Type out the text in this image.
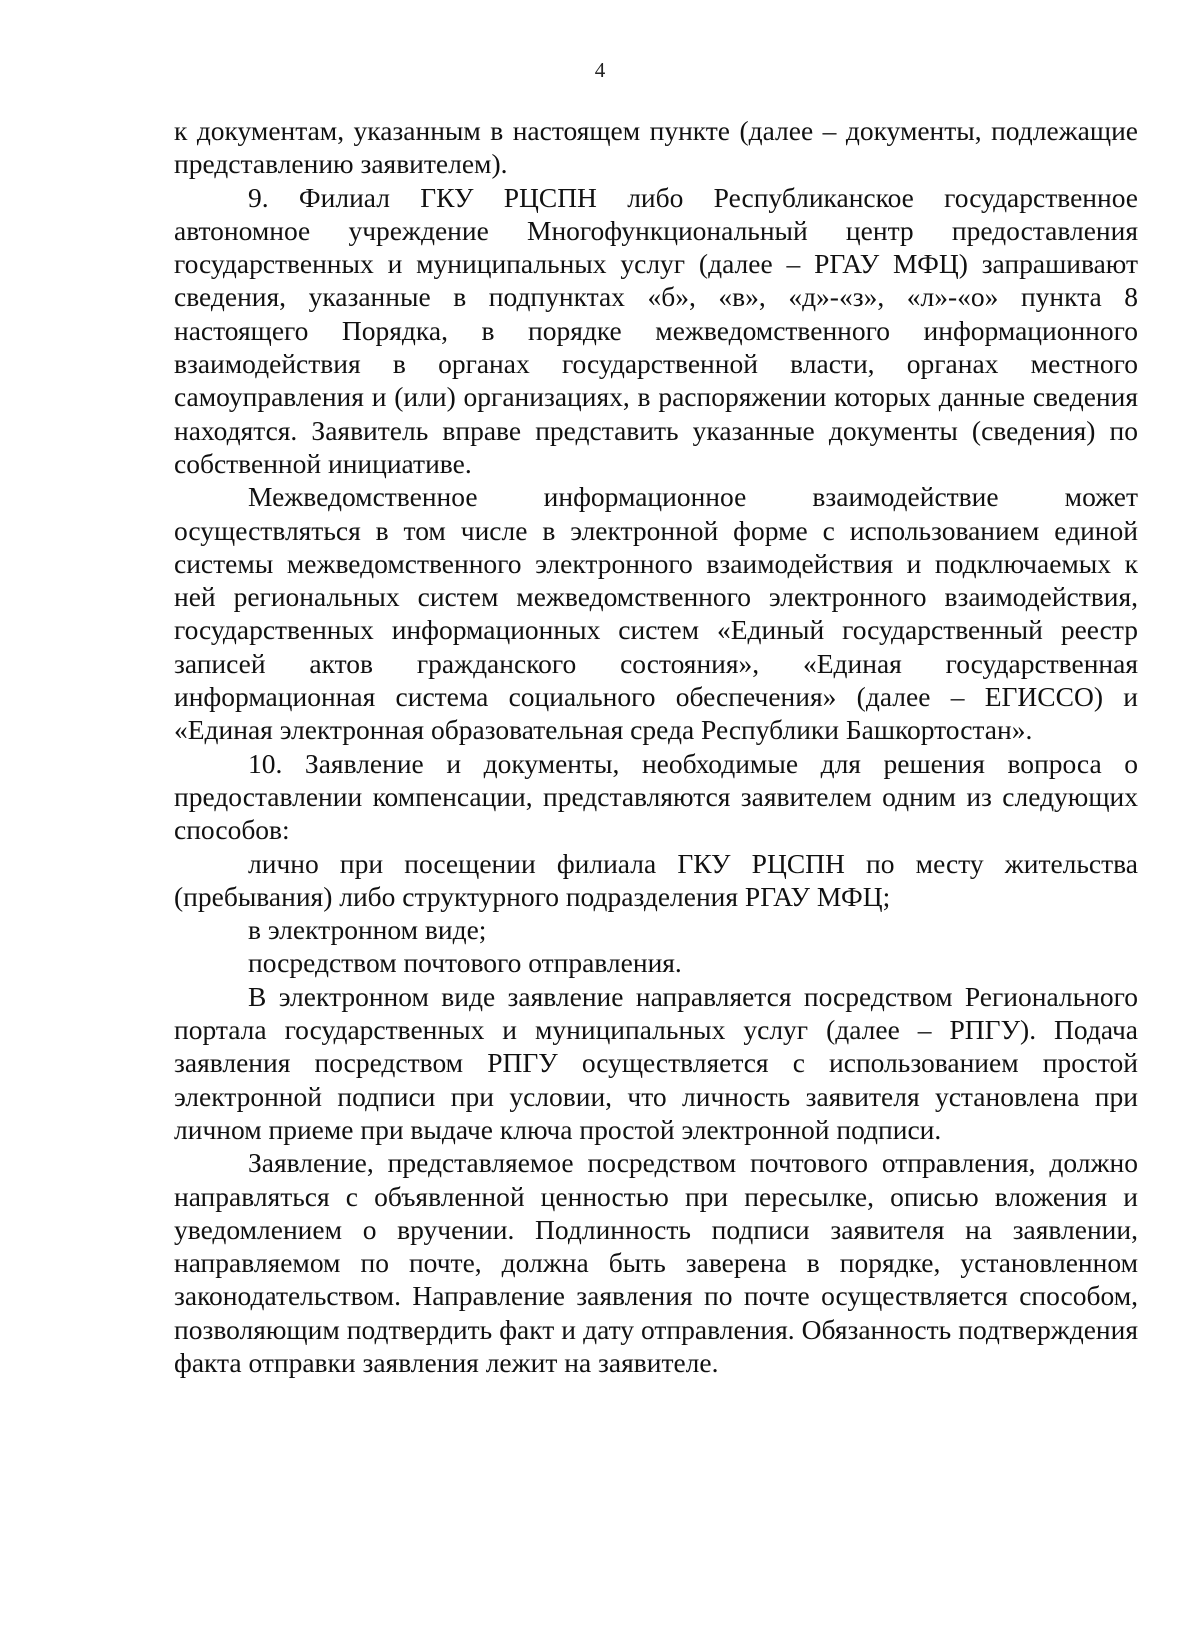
4

к документам, указанным в настоящем пункте (далее – документы, подлежащие представлению заявителем).

9. Филиал ГКУ РЦСПН либо Республиканское государственное автономное учреждение Многофункциональный центр предоставления государственных и муниципальных услуг (далее – РГАУ МФЦ) запрашивают сведения, указанные в подпунктах «б», «в», «д»-«з», «л»-«о» пункта 8 настоящего Порядка, в порядке межведомственного информационного взаимодействия в органах государственной власти, органах местного самоуправления и (или) организациях, в распоряжении которых данные сведения находятся. Заявитель вправе представить указанные документы (сведения) по собственной инициативе.

Межведомственное информационное взаимодействие может осуществляться в том числе в электронной форме с использованием единой системы межведомственного электронного взаимодействия и подключаемых к ней региональных систем межведомственного электронного взаимодействия, государственных информационных систем «Единый государственный реестр записей актов гражданского состояния», «Единая государственная информационная система социального обеспечения» (далее – ЕГИССО) и «Единая электронная образовательная среда Республики Башкортостан».

10. Заявление и документы, необходимые для решения вопроса о предоставлении компенсации, представляются заявителем одним из следующих способов:

лично при посещении филиала ГКУ РЦСПН по месту жительства (пребывания) либо структурного подразделения РГАУ МФЦ;

в электронном виде;

посредством почтового отправления.

В электронном виде заявление направляется посредством Регионального портала государственных и муниципальных услуг (далее – РПГУ). Подача заявления посредством РПГУ осуществляется с использованием простой электронной подписи при условии, что личность заявителя установлена при личном приеме при выдаче ключа простой электронной подписи.

Заявление, представляемое посредством почтового отправления, должно направляться с объявленной ценностью при пересылке, описью вложения и уведомлением о вручении. Подлинность подписи заявителя на заявлении, направляемом по почте, должна быть заверена в порядке, установленном законодательством. Направление заявления по почте осуществляется способом, позволяющим подтвердить факт и дату отправления. Обязанность подтверждения факта отправки заявления лежит на заявителе.
